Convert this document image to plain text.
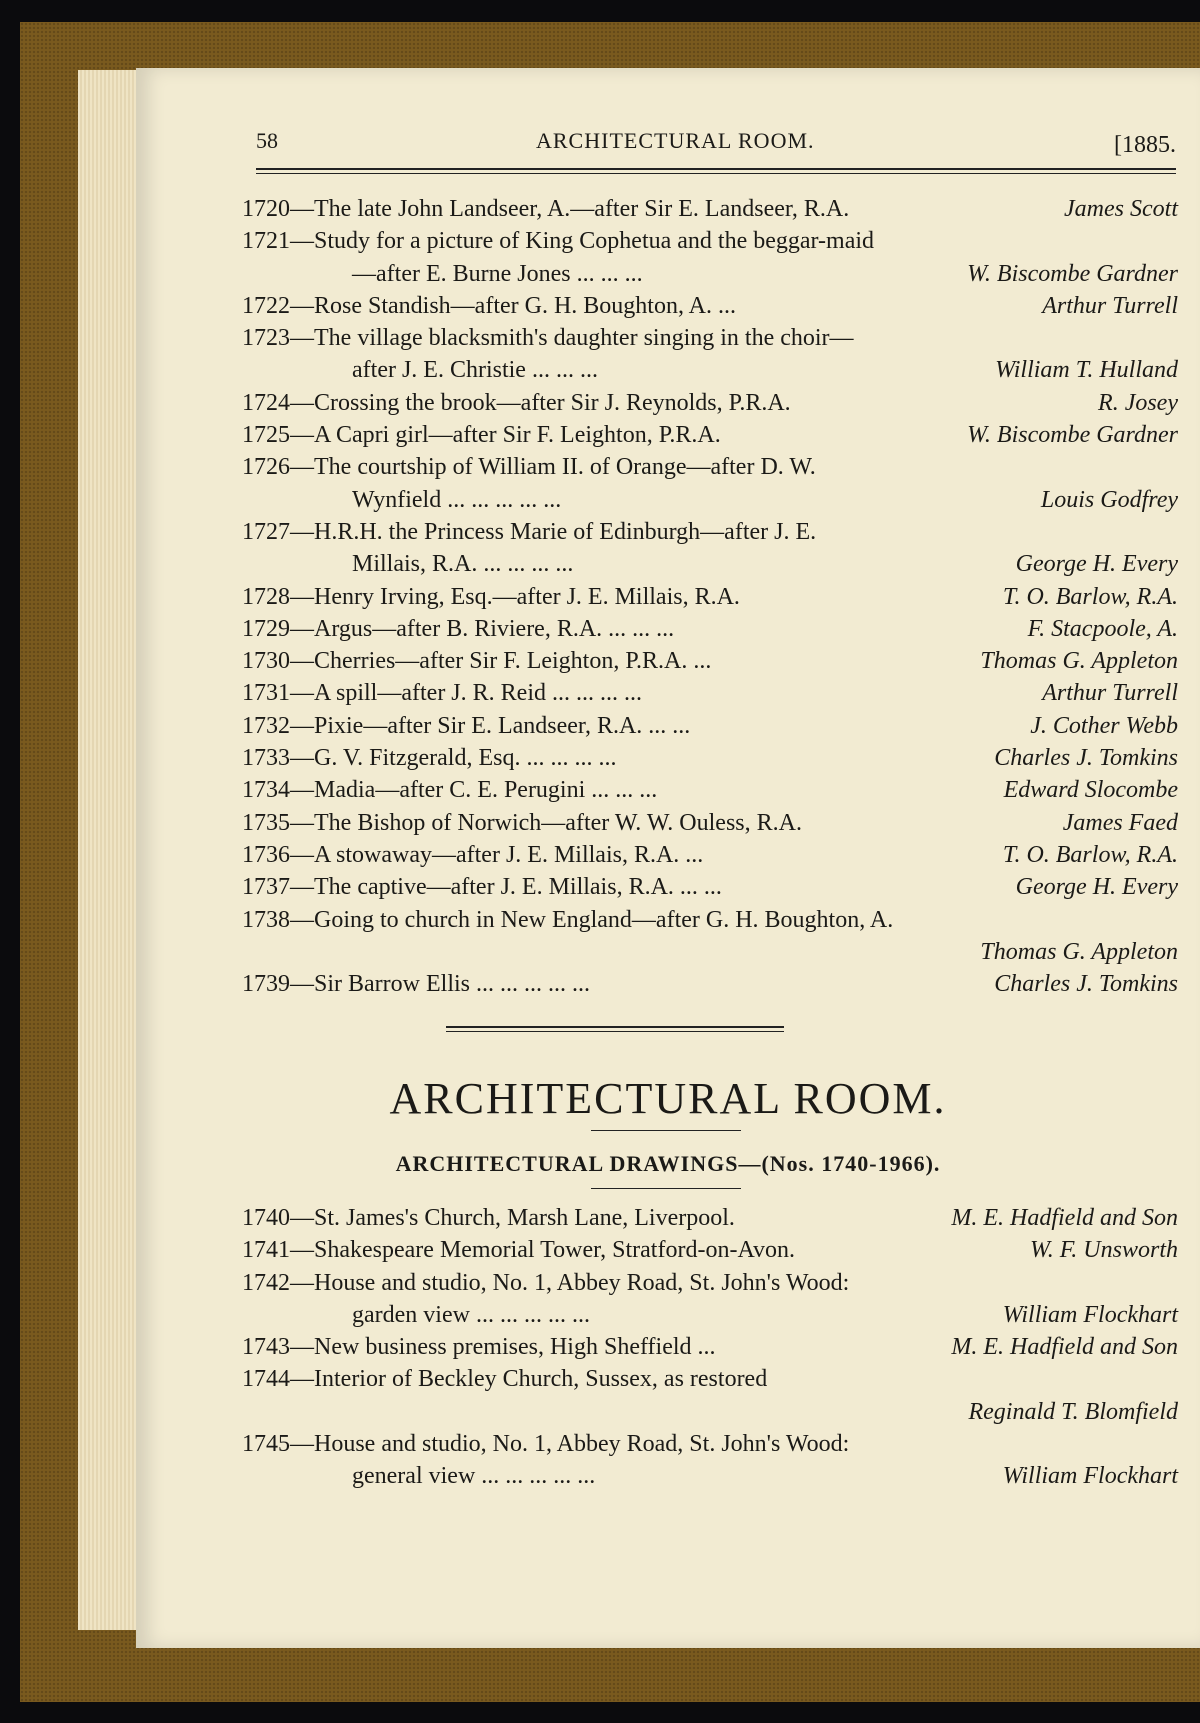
58	ARCHITECTURAL ROOM.	[1885.
1720—The late John Landseer, A.—after Sir E. Landseer, R.A.	James Scott
1721—Study for a picture of King Cophetua and the beggar-maid
—after E. Burne Jones ... ... ...	W. Biscombe Gardner
1722—Rose Standish—after G. H. Boughton, A. ...	Arthur Turrell
1723—The village blacksmith's daughter singing in the choir—
after J. E. Christie ... ... ...	William T. Hulland
1724—Crossing the brook—after Sir J. Reynolds, P.R.A.	R. Josey
1725—A Capri girl—after Sir F. Leighton, P.R.A.	W. Biscombe Gardner
1726—The courtship of William II. of Orange—after D. W.
Wynfield ... ... ... ... ...	Louis Godfrey
1727—H.R.H. the Princess Marie of Edinburgh—after J. E.
Millais, R.A. ... ... ... ...	George H. Every
1728—Henry Irving, Esq.—after J. E. Millais, R.A.	T. O. Barlow, R.A.
1729—Argus—after B. Riviere, R.A. ... ... ...	F. Stacpoole, A.
1730—Cherries—after Sir F. Leighton, P.R.A. ...	Thomas G. Appleton
1731—A spill—after J. R. Reid ... ... ... ...	Arthur Turrell
1732—Pixie—after Sir E. Landseer, R.A. ... ...	J. Cother Webb
1733—G. V. Fitzgerald, Esq. ... ... ... ...	Charles J. Tomkins
1734—Madia—after C. E. Perugini ... ... ...	Edward Slocombe
1735—The Bishop of Norwich—after W. W. Ouless, R.A.	James Faed
1736—A stowaway—after J. E. Millais, R.A. ...	T. O. Barlow, R.A.
1737—The captive—after J. E. Millais, R.A. ... ...	George H. Every
1738—Going to church in New England—after G. H. Boughton, A.
Thomas G. Appleton
1739—Sir Barrow Ellis ... ... ... ... ...	Charles J. Tomkins
ARCHITECTURAL ROOM.
ARCHITECTURAL DRAWINGS—(Nos. 1740-1966).
1740—St. James's Church, Marsh Lane, Liverpool.	M. E. Hadfield and Son
1741—Shakespeare Memorial Tower, Stratford-on-Avon.	W. F. Unsworth
1742—House and studio, No. 1, Abbey Road, St. John's Wood:
garden view ... ... ... ... ...	William Flockhart
1743—New business premises, High Sheffield ...	M. E. Hadfield and Son
1744—Interior of Beckley Church, Sussex, as restored
Reginald T. Blomfield
1745—House and studio, No. 1, Abbey Road, St. John's Wood:
general view ... ... ... ... ...	William Flockhart
